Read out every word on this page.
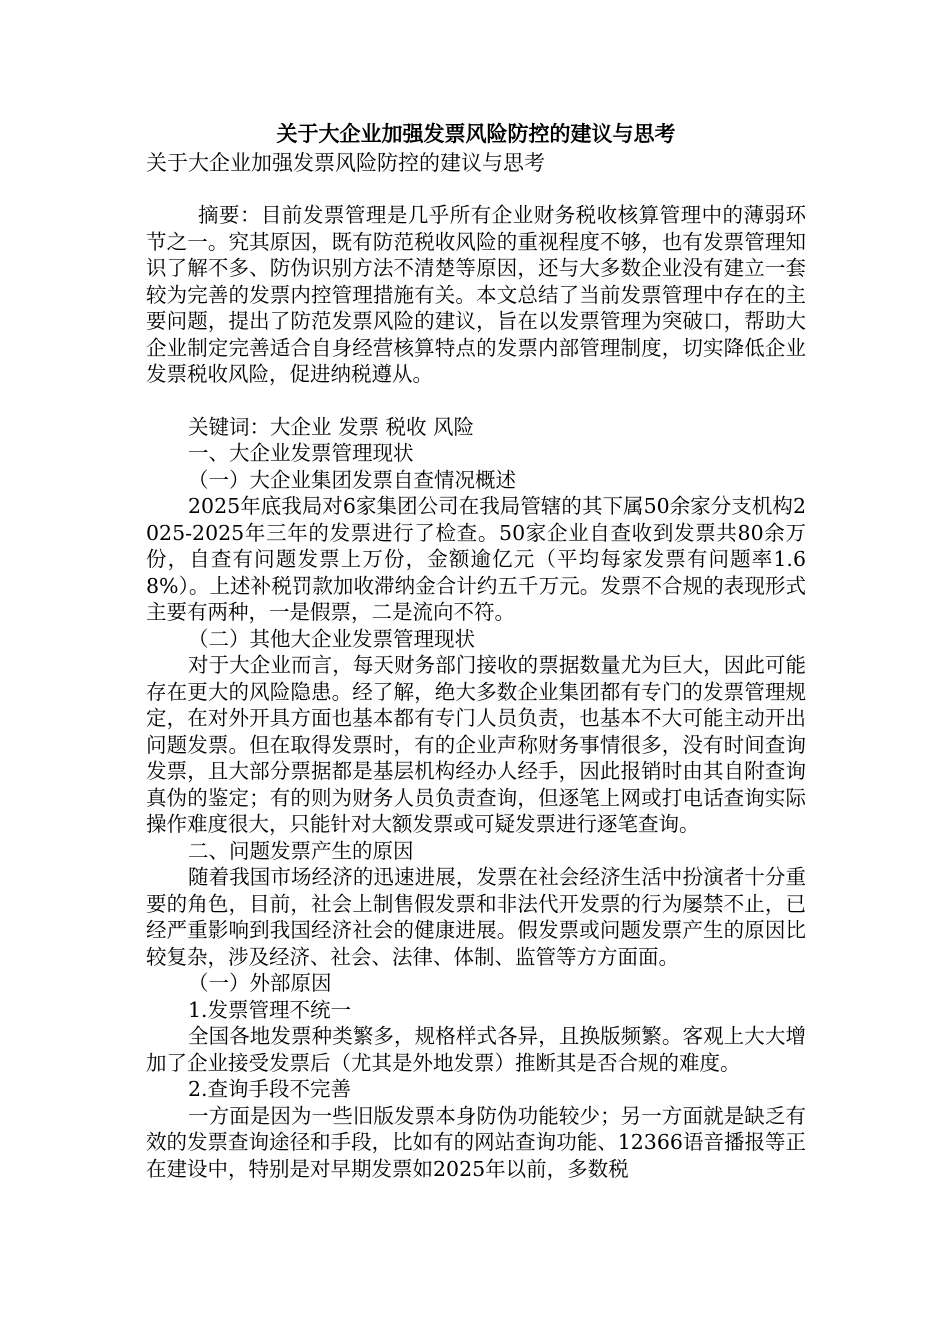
关于大企业加强发票风险防控的建议与思考

关于大企业加强发票风险防控的建议与思考

摘要：目前发票管理是几乎所有企业财务税收核算管理中的薄弱环节之一。究其原因，既有防范税收风险的重视程度不够，也有发票管理知识了解不多、防伪识别方法不清楚等原因，还与大多数企业没有建立一套较为完善的发票内控管理措施有关。本文总结了当前发票管理中存在的主要问题，提出了防范发票风险的建议，旨在以发票管理为突破口，帮助大企业制定完善适合自身经营核算特点的发票内部管理制度，切实降低企业发票税收风险，促进纳税遵从。

关键词：大企业 发票 税收 风险

一、大企业发票管理现状

（一）大企业集团发票自查情况概述

2025年底我局对6家集团公司在我局管辖的其下属50余家分支机构2025-2025年三年的发票进行了检查。50家企业自查收到发票共80余万份，自查有问题发票上万份，金额逾亿元（平均每家发票有问题率1.68%）。上述补税罚款加收滞纳金合计约五千万元。发票不合规的表现形式主要有两种，一是假票，二是流向不符。

（二）其他大企业发票管理现状

对于大企业而言，每天财务部门接收的票据数量尤为巨大，因此可能存在更大的风险隐患。经了解，绝大多数企业集团都有专门的发票管理规定，在对外开具方面也基本都有专门人员负责，也基本不大可能主动开出问题发票。但在取得发票时，有的企业声称财务事情很多，没有时间查询发票，且大部分票据都是基层机构经办人经手，因此报销时由其自附查询真伪的鉴定；有的则为财务人员负责查询，但逐笔上网或打电话查询实际操作难度很大，只能针对大额发票或可疑发票进行逐笔查询。

二、问题发票产生的原因

随着我国市场经济的迅速进展，发票在社会经济生活中扮演者十分重要的角色，目前，社会上制售假发票和非法代开发票的行为屡禁不止，已经严重影响到我国经济社会的健康进展。假发票或问题发票产生的原因比较复杂，涉及经济、社会、法律、体制、监管等方方面面。

（一）外部原因

1.发票管理不统一

全国各地发票种类繁多，规格样式各异，且换版频繁。客观上大大增加了企业接受发票后（尤其是外地发票）推断其是否合规的难度。

2.查询手段不完善

一方面是因为一些旧版发票本身防伪功能较少；另一方面就是缺乏有效的发票查询途径和手段，比如有的网站查询功能、12366语音播报等正在建设中，特别是对早期发票如2025年以前，多数税
